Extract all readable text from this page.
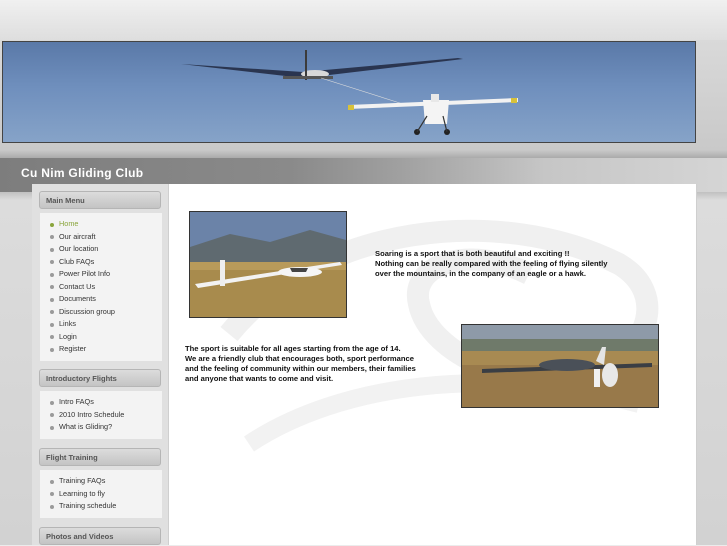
Cu Nim Gliding Club
Main Menu
Home
Our aircraft
Our location
Club FAQs
Power Pilot Info
Contact Us
Documents
Discussion group
Links
Login
Register
Introductory Flights
Intro FAQs
2010 Intro Schedule
What is Gliding?
Flight Training
Training FAQs
Learning to fly
Training schedule
Photos and Videos
Soaring is a sport that is both beautiful and exciting !!
Nothing can be really compared with the feeling of flying silently
over the mountains, in the company of an eagle or a hawk.
The sport is suitable for all ages starting from the age of 14.
We are a friendly club that encourages both, sport performance
and the feeling of community within our members, their families
and anyone that wants to come and visit.
